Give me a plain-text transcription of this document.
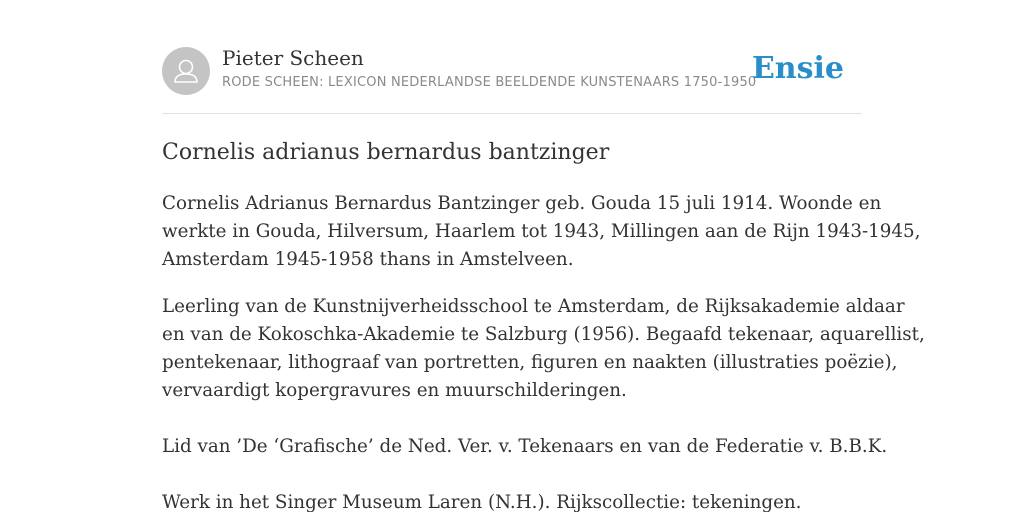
Pieter Scheen
RODE SCHEEN: LEXICON NEDERLANDSE BEELDENDE KUNSTENAARS 1750-1950
Ensie
Cornelis adrianus bernardus bantzinger

Cornelis Adrianus Bernardus Bantzinger geb. Gouda 15 juli 1914. Woonde en
werkte in Gouda, Hilversum, Haarlem tot 1943, Millingen aan de Rijn 1943-1945,
Amsterdam 1945-1958 thans in Amstelveen.

Leerling van de Kunstnijverheidsschool te Amsterdam, de Rijksakademie aldaar
en van de Kokoschka-Akademie te Salzburg (1956). Begaafd tekenaar, aquarellist,
pentekenaar, lithograaf van portretten, figuren en naakten (illustraties poëzie),
vervaardigt kopergravures en muurschilderingen.
Lid van ’De ‘Grafische’ de Ned. Ver. v. Tekenaars en van de Federatie v. B.B.K.
Werk in het Singer Museum Laren (N.H.). Rijkscollectie: tekeningen.
